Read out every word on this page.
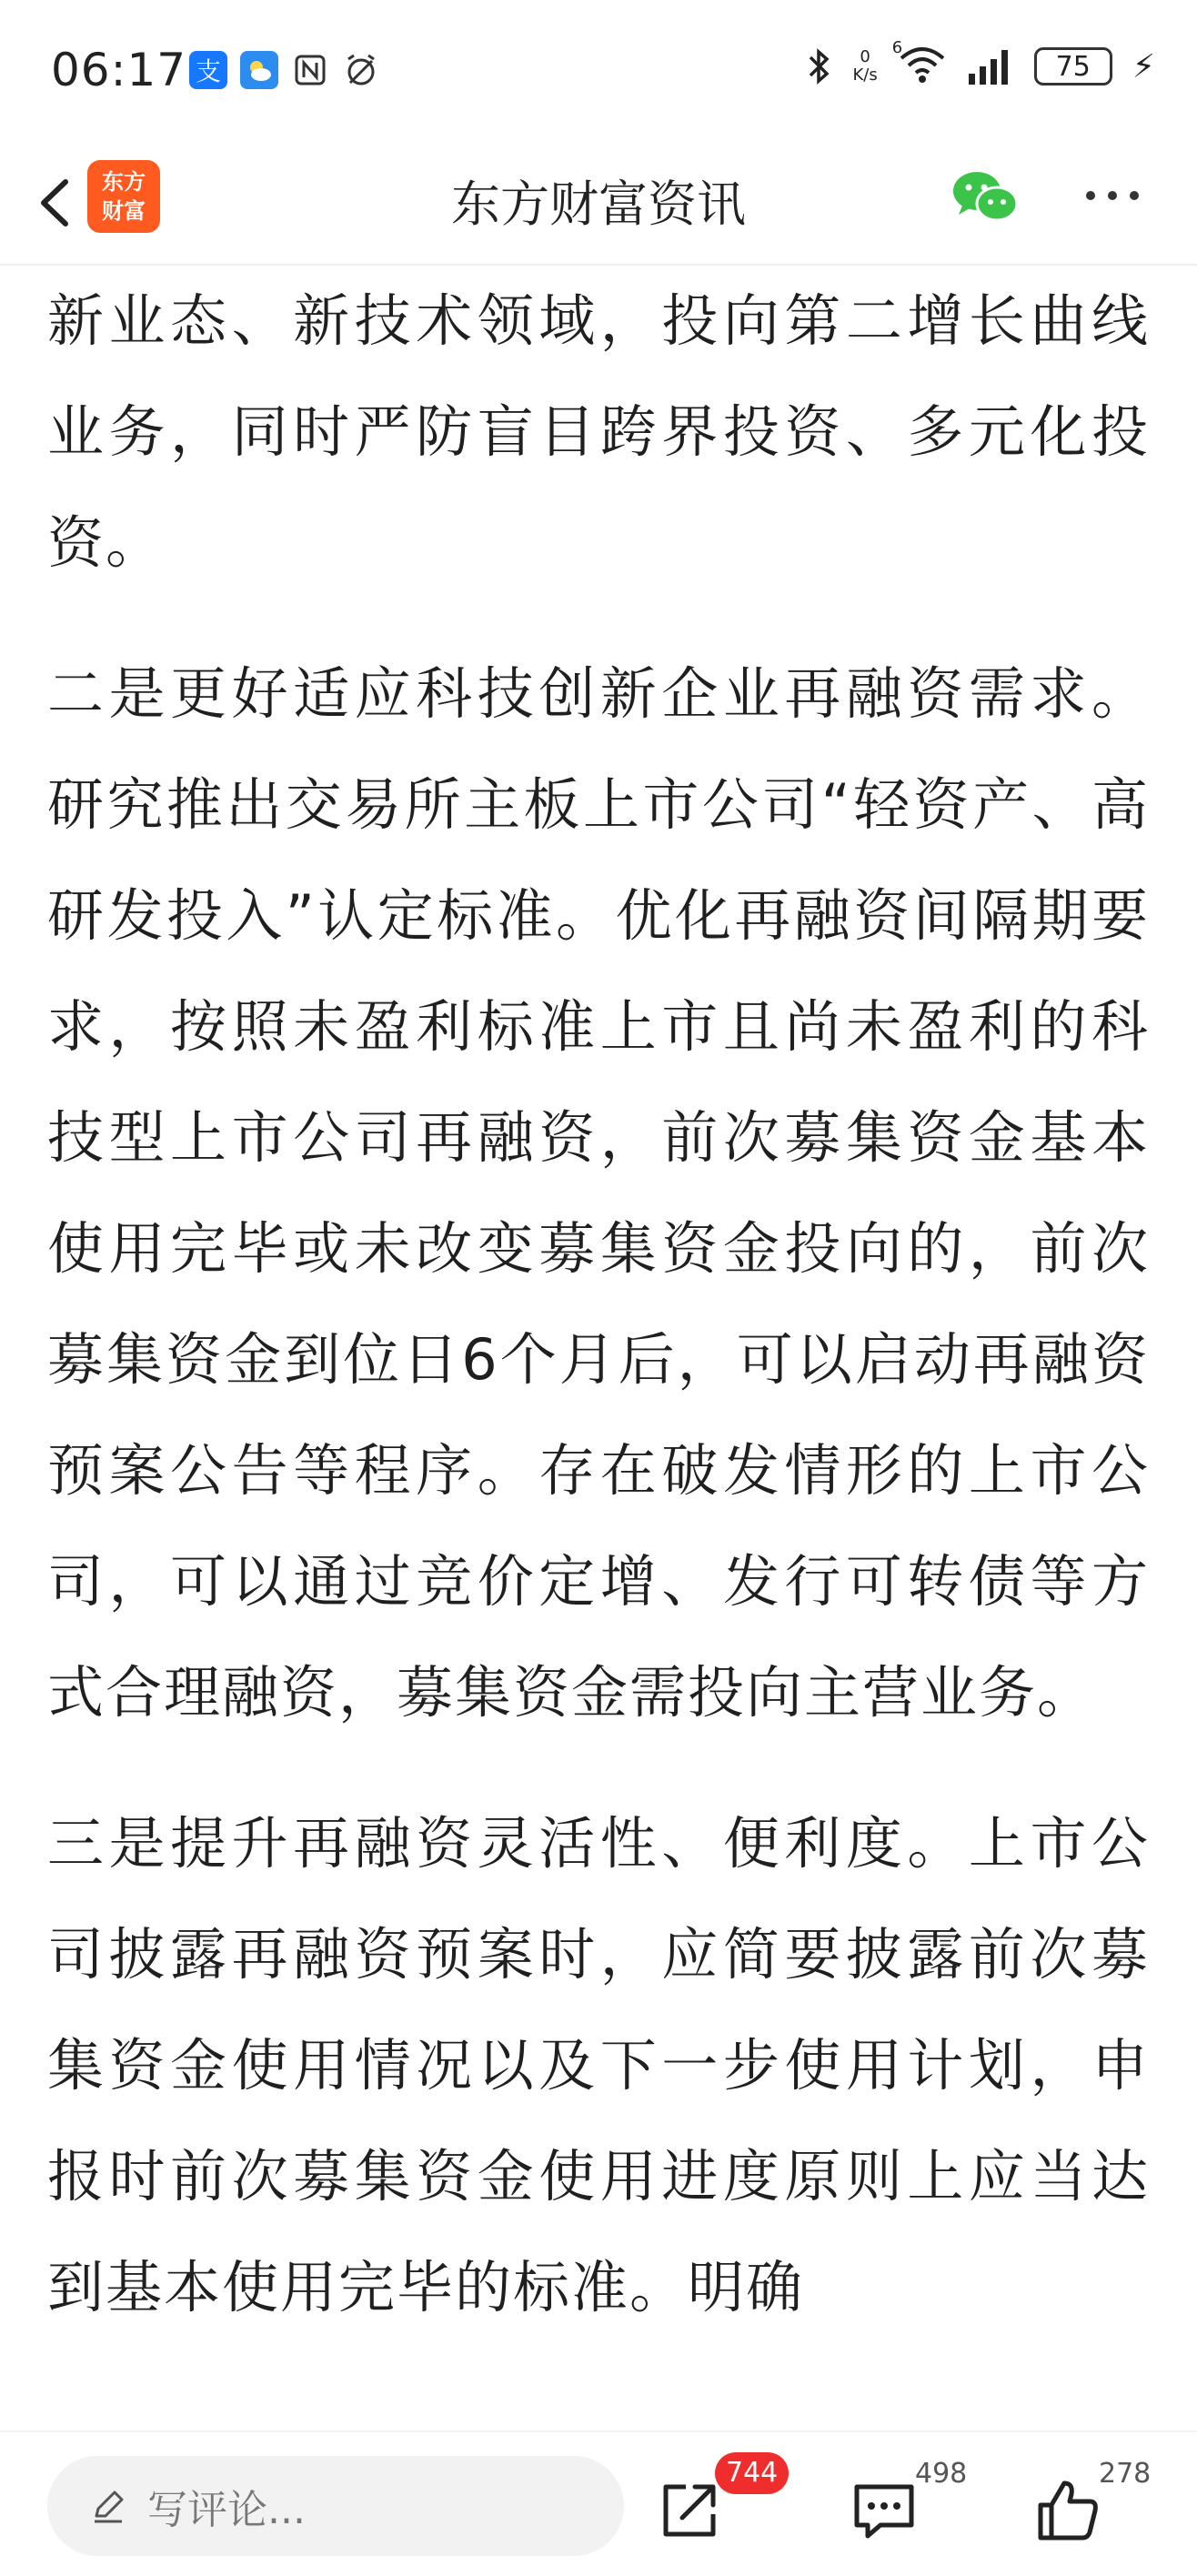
06:17 支	0
K/s
6
75	⚡
东方
财富	东方财富资讯

新业态、新技术领域，投向第二增长曲线业务，同时严防盲目跨界投资、多元化投资。

二是更好适应科技创新企业再融资需求。研究推出交易所主板上市公司“轻资产、高研发投入”认定标准。优化再融资间隔期要求，按照未盈利标准上市且尚未盈利的科技型上市公司再融资，前次募集资金基本使用完毕或未改变募集资金投向的，前次募集资金到位日6个月后，可以启动再融资预案公告等程序。存在破发情形的上市公司，可以通过竞价定增、发行可转债等方式合理融资，募集资金需投向主营业务。

三是提升再融资灵活性、便利度。上市公司披露再融资预案时，应简要披露前次募集资金使用情况以及下一步使用计划，申报时前次募集资金使用进度原则上应当达到基本使用完毕的标准。明确

写评论...
744	498	278
